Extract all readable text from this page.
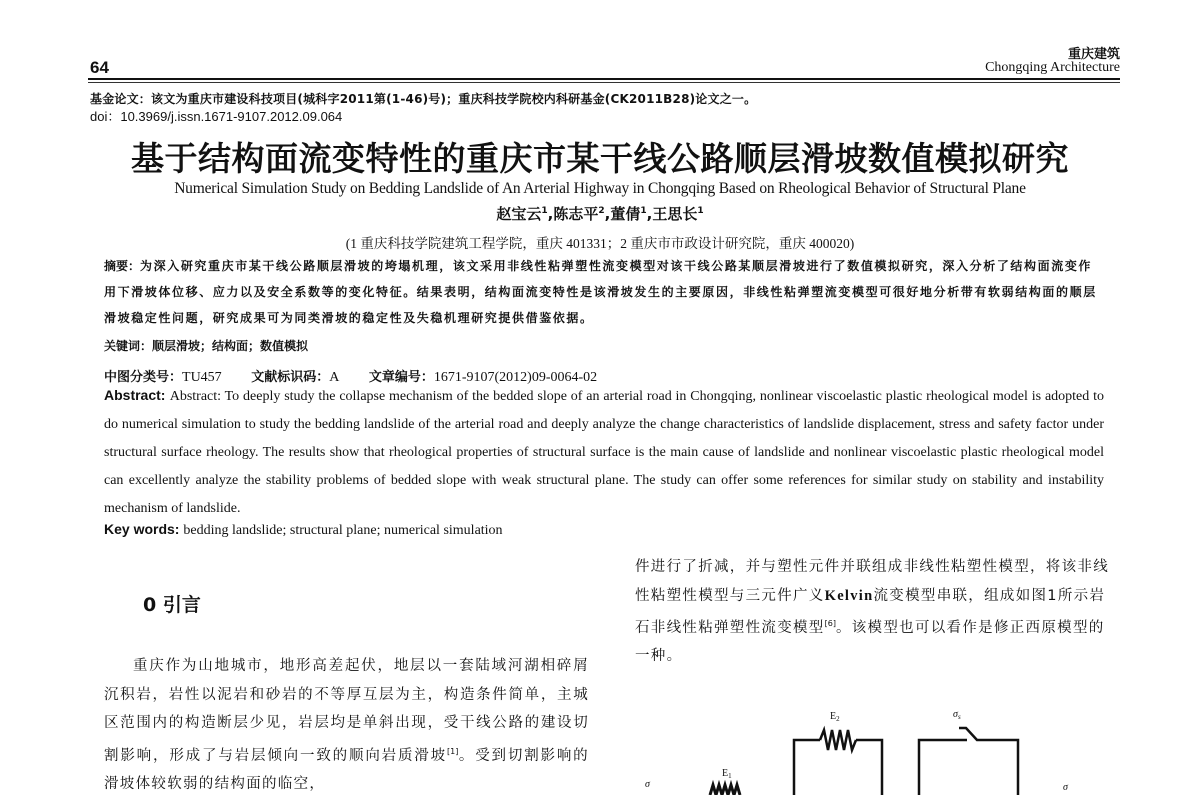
64
重庆建筑
Chongqing Architecture
基金论文：该文为重庆市建设科技项目(城科字2011第(1-46)号)；重庆科技学院校内科研基金(CK2011B28)论文之一。
doi：10.3969/j.issn.1671-9107.2012.09.064
基于结构面流变特性的重庆市某干线公路顺层滑坡数值模拟研究
Numerical Simulation Study on Bedding Landslide of An Arterial Highway in Chongqing Based on Rheological Behavior of Structural Plane
赵宝云$^1$,陈志平$^2$,董倩$^1$,王思长$^1$
(1 重庆科技学院建筑工程学院，重庆 401331；2 重庆市市政设计研究院，重庆 400020)
摘要：为深入研究重庆市某干线公路顺层滑坡的垮塌机理，该文采用非线性粘弹塑性流变模型对该干线公路某顺层滑坡进行了数值模拟研究，深入分析了结构面流变作用下滑坡体位移、应力以及安全系数等的变化特征。结果表明，结构面流变特性是该滑坡发生的主要原因，非线性粘弹塑流变模型可很好地分析带有软弱结构面的顺层滑坡稳定性问题，研究成果可为同类滑坡的稳定性及失稳机理研究提供借鉴依据。
关键词：顺层滑坡；结构面；数值模拟
中图分类号：TU457 文献标识码：A 文章编号：1671-9107(2012)09-0064-02
Abstract: Abstract: To deeply study the collapse mechanism of the bedded slope of an arterial road in Chongqing, nonlinear viscoelastic plastic rheological model is adopted to do numerical simulation to study the bedding landslide of the arterial road and deeply analyze the change characteristics of landslide displacement, stress and safety factor under structural surface rheology. The results show that rheological properties of structural surface is the main cause of landslide and nonlinear viscoelastic plastic rheological model can excellently analyze the stability problems of bedded slope with weak structural plane. The study can offer some references for similar study on stability and instability mechanism of landslide.
Key words: bedding landslide; structural plane; numerical simulation
0 引言

重庆作为山地城市，地形高差起伏，地层以一套陆域河湖相碎屑沉积岩，岩性以泥岩和砂岩的不等厚互层为主，构造条件简单，主城区范围内的构造断层少见，岩层均是单斜出现，受干线公路的建设切割影响，形成了与岩层倾向一致的顺向岩质滑坡[1]。受到切割影响的滑坡体较软弱的结构面的临空，

件进行了折减，并与塑性元件并联组成非线性粘塑性模型，将该非线性粘塑性模型与三元件广义Kelvin流变模型串联，组成如图1所示岩石非线性粘弹塑性流变模型[6]。该模型也可以看作是修正西原模型的一种。

$E_2$	$\sigma_s$
$E_1$
σ	σ
